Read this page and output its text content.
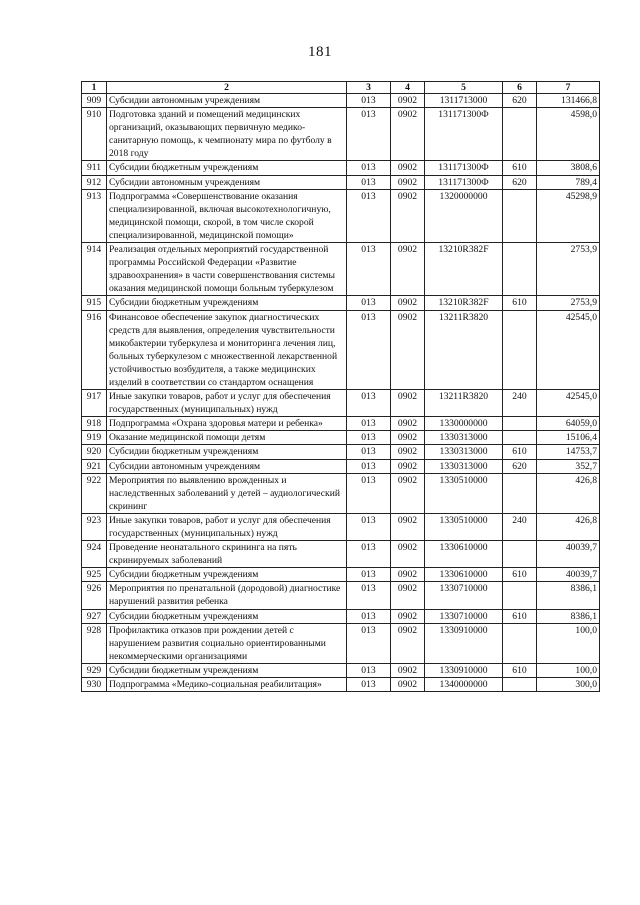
181
1	2	3	4	5	6	7
909	Субсидии автономным учреждениям	013	0902	1311713000	620	131466,8
910	Подготовка зданий и помещений медицинских организаций, оказывающих первичную медико-санитарную помощь, к чемпионату мира по футболу в 2018 году	013	0902	131171300Ф		4598,0
911	Субсидии бюджетным учреждениям	013	0902	131171300Ф	610	3808,6
912	Субсидии автономным учреждениям	013	0902	131171300Ф	620	789,4
913	Подпрограмма «Совершенствование оказания специализированной, включая высокотехнологичную, медицинской помощи, скорой, в том числе скорой специализированной, медицинской помощи»	013	0902	1320000000		45298,9
914	Реализация отдельных мероприятий государственной программы Российской Федерации «Развитие здравоохранения» в части совершенствования системы оказания медицинской помощи больным туберкулезом	013	0902	13210R382F		2753,9
915	Субсидии бюджетным учреждениям	013	0902	13210R382F	610	2753,9
916	Финансовое обеспечение закупок диагностических средств для выявления, определения чувствительности микобактерии туберкулеза и мониторинга лечения лиц, больных туберкулезом с множественной лекарственной устойчивостью возбудителя, а также медицинских изделий в соответствии со стандартом оснащения	013	0902	13211R3820		42545,0
917	Иные закупки товаров, работ и услуг для обеспечения государственных (муниципальных) нужд	013	0902	13211R3820	240	42545,0
918	Подпрограмма «Охрана здоровья матери и ребенка»	013	0902	1330000000		64059,0
919	Оказание медицинской помощи детям	013	0902	1330313000		15106,4
920	Субсидии бюджетным учреждениям	013	0902	1330313000	610	14753,7
921	Субсидии автономным учреждениям	013	0902	1330313000	620	352,7
922	Мероприятия по выявлению врожденных и наследственных заболеваний у детей – аудиологический скрининг	013	0902	1330510000		426,8
923	Иные закупки товаров, работ и услуг для обеспечения государственных (муниципальных) нужд	013	0902	1330510000	240	426,8
924	Проведение неонатального скрининга на пять скринируемых заболеваний	013	0902	1330610000		40039,7
925	Субсидии бюджетным учреждениям	013	0902	1330610000	610	40039,7
926	Мероприятия по пренатальной (дородовой) диагностике нарушений развития ребенка	013	0902	1330710000		8386,1
927	Субсидии бюджетным учреждениям	013	0902	1330710000	610	8386,1
928	Профилактика отказов при рождении детей с нарушением развития социально ориентированными некоммерческими организациями	013	0902	1330910000		100,0
929	Субсидии бюджетным учреждениям	013	0902	1330910000	610	100,0
930	Подпрограмма «Медико-социальная реабилитация»	013	0902	1340000000		300,0
